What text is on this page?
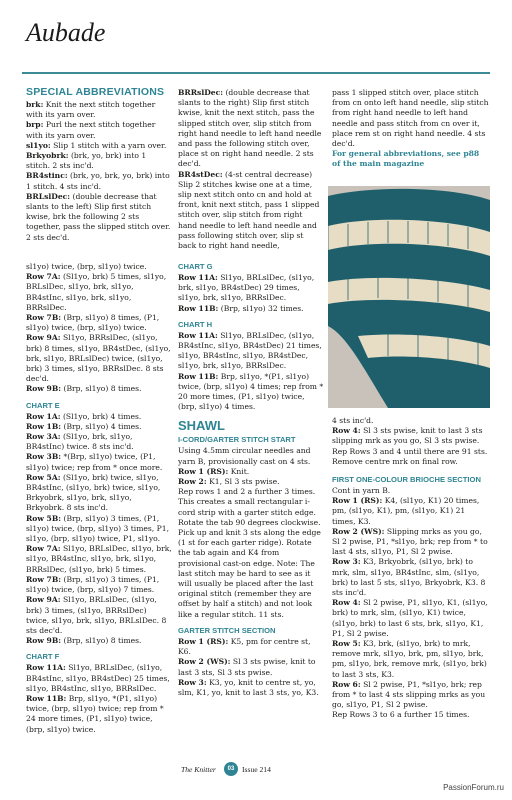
Aubade
SPECIAL ABBREVIATIONS

brk: Knit the next stitch together with its yarn over.

brp: Purl the next stitch together with its yarn over.

sl1yo: Slip 1 stitch with a yarn over.

Brkyobrk: (brk, yo, brk) into 1 stitch. 2 sts inc'd.

BR4stinc: (brk, yo, brk, yo, brk) into 1 stitch. 4 sts inc'd.

BRLslDec: (double decrease that slants to the left) Slip first stitch kwise, brk the following 2 sts together, pass the slipped stitch over. 2 sts dec'd.

BRRslDec: (double decrease that slants to the right) Slip first stitch kwise, knit the next stitch, pass the slipped stitch over, slip stitch from right hand needle to left hand needle and pass the following stitch over, place st on right hand needle. 2 sts dec'd.

BR4stDec: (4-st central decrease) Slip 2 stitches kwise one at a time, slip next stitch onto cn and hold at front, knit next stitch, pass 1 slipped stitch over, slip stitch from right hand needle to left hand needle and pass following stitch over, slip st back to right hand needle,

pass 1 slipped stitch over, place stitch from cn onto left hand needle, slip stitch from right hand needle to left hand needle and pass stitch from cn over it, place rem st on right hand needle. 4 sts dec'd.

For general abbreviations, see p88 of the main magazine

sl1yo) twice, (brp, sl1yo) twice.

Row 7A: (Sl1yo, brk) 5 times, sl1yo, BRLslDec, sl1yo, brk, sl1yo, BR4stInc, sl1yo, brk, sl1yo, BRRslDec.

Row 7B: (Brp, sl1yo) 8 times, (P1, sl1yo) twice, (brp, sl1yo) twice.

Row 9A: Sl1yo, BRRslDec, (sl1yo, brk) 8 times, sl1yo, BR4stDec, (sl1yo, brk, sl1yo, BRLslDec) twice, (sl1yo, brk) 3 times, sl1yo, BRRslDec. 8 sts dec'd.

Row 9B: (Brp, sl1yo) 8 times.

CHART E

Row 1A: (Sl1yo, brk) 4 times.

Row 1B: (Brp, sl1yo) 4 times.

Row 3A: (Sl1yo, brk, sl1yo, BR4stInc) twice. 8 sts inc'd.

Row 3B: *(Brp, sl1yo) twice, (P1, sl1yo) twice; rep from * once more.

Row 5A: (Sl1yo, brk) twice, sl1yo, BR4stInc, (sl1yo, brk) twice, sl1yo, Brkyobrk, sl1yo, brk, sl1yo, Brkyobrk. 8 sts inc'd.

Row 5B: (Brp, sl1yo) 3 times, (P1, sl1yo) twice, (brp, sl1yo) 3 times, P1, sl1yo, (brp, sl1yo) twice, P1, sl1yo.

Row 7A: Sl1yo, BRLslDec, sl1yo, brk, sl1yo, BR4stInc, sl1yo, brk, sl1yo, BRRslDec, (sl1yo, brk) 5 times.

Row 7B: (Brp, sl1yo) 3 times, (P1, sl1yo) twice, (brp, sl1yo) 7 times.

Row 9A: Sl1yo, BRLslDec, (sl1yo, brk) 3 times, (sl1yo, BRRslDec) twice, sl1yo, brk, sl1yo, BRLslDec. 8 sts dec'd.

Row 9B: (Brp, sl1yo) 8 times.

CHART F

Row 11A: Sl1yo, BRLslDec, (sl1yo, BR4stInc, sl1yo, BR4stDec) 25 times, sl1yo, BR4stInc, sl1yo, BRRslDec.

Row 11B: Brp, sl1yo, *(P1, sl1yo) twice, (brp, sl1yo) twice; rep from * 24 more times, (P1, sl1yo) twice, (brp, sl1yo) twice.

CHART G

Row 11A: Sl1yo, BRLslDec, (sl1yo, brk, sl1yo, BR4stDec) 29 times, sl1yo, brk, sl1yo, BRRslDec.

Row 11B: (Brp, sl1yo) 32 times.

CHART H

Row 11A: Sl1yo, BRLslDec, (sl1yo, BR4stInc, sl1yo, BR4stDec) 21 times, sl1yo, BR4stInc, sl1yo, BR4stDec, sl1yo, brk, sl1yo, BRRslDec.

Row 11B: Brp, sl1yo, *(P1, sl1yo) twice, (brp, sl1yo) 4 times; rep from * 20 more times, (P1, sl1yo) twice, (brp, sl1yo) 4 times.

SHAWL
I-CORD/GARTER STITCH START

Using 4.5mm circular needles and yarn B, provisionally cast on 4 sts.

Row 1 (RS): Knit.

Row 2: K1, Sl 3 sts pwise.

Rep rows 1 and 2 a further 3 times. This creates a small rectangular i-cord strip with a garter stitch edge. Rotate the tab 90 degrees clockwise. Pick up and knit 3 sts along the edge (1 st for each garter ridge). Rotate the tab again and K4 from provisional cast-on edge. Note: The last stitch may be hard to see as it will usually be placed after the last original stitch (remember they are offset by half a stitch) and not look like a regular stitch. 11 sts.

GARTER STITCH SECTION

Row 1 (RS): K5, pm for centre st, K6.

Row 2 (WS): Sl 3 sts pwise, knit to last 3 sts, Sl 3 sts pwise.

Row 3: K3, yo, knit to centre st, yo, slm, K1, yo, knit to last 3 sts, yo, K3.

4 sts inc'd.

Row 4: Sl 3 sts pwise, knit to last 3 sts slipping mrk as you go, Sl 3 sts pwise.

Rep Rows 3 and 4 until there are 91 sts. Remove centre mrk on final row.

FIRST ONE-COLOUR BRIOCHE SECTION

Cont in yarn B.

Row 1 (RS): K4, (sl1yo, K1) 20 times, pm, (sl1yo, K1), pm, (sl1yo, K1) 21 times, K3.

Row 2 (WS): Slipping mrks as you go, Sl 2 pwise, P1, *sl1yo, brk; rep from * to last 4 sts, sl1yo, P1, Sl 2 pwise.

Row 3: K3, Brkyobrk, (sl1yo, brk) to mrk, slm, sl1yo, BR4stInc, slm, (sl1yo, brk) to last 5 sts, sl1yo, Brkyobrk, K3. 8 sts inc'd.

Row 4: Sl 2 pwise, P1, sl1yo, K1, (sl1yo, brk) to mrk, slm, (sl1yo, K1) twice, (sl1yo, brk) to last 6 sts, brk, sl1yo, K1, P1, Sl 2 pwise.

Row 5: K3, brk, (sl1yo, brk) to mrk, remove mrk, sl1yo, brk, pm, sl1yo, brk, pm, sl1yo, brk, remove mrk, (sl1yo, brk) to last 3 sts, K3.

Row 6: Sl 2 pwise, P1, *sl1yo, brk; rep from * to last 4 sts slipping mrks as you go, sl1yo, P1, Sl 2 pwise.

Rep Rows 3 to 6 a further 15 times.

The Knitter	03	Issue 214
PassionForum.ru
